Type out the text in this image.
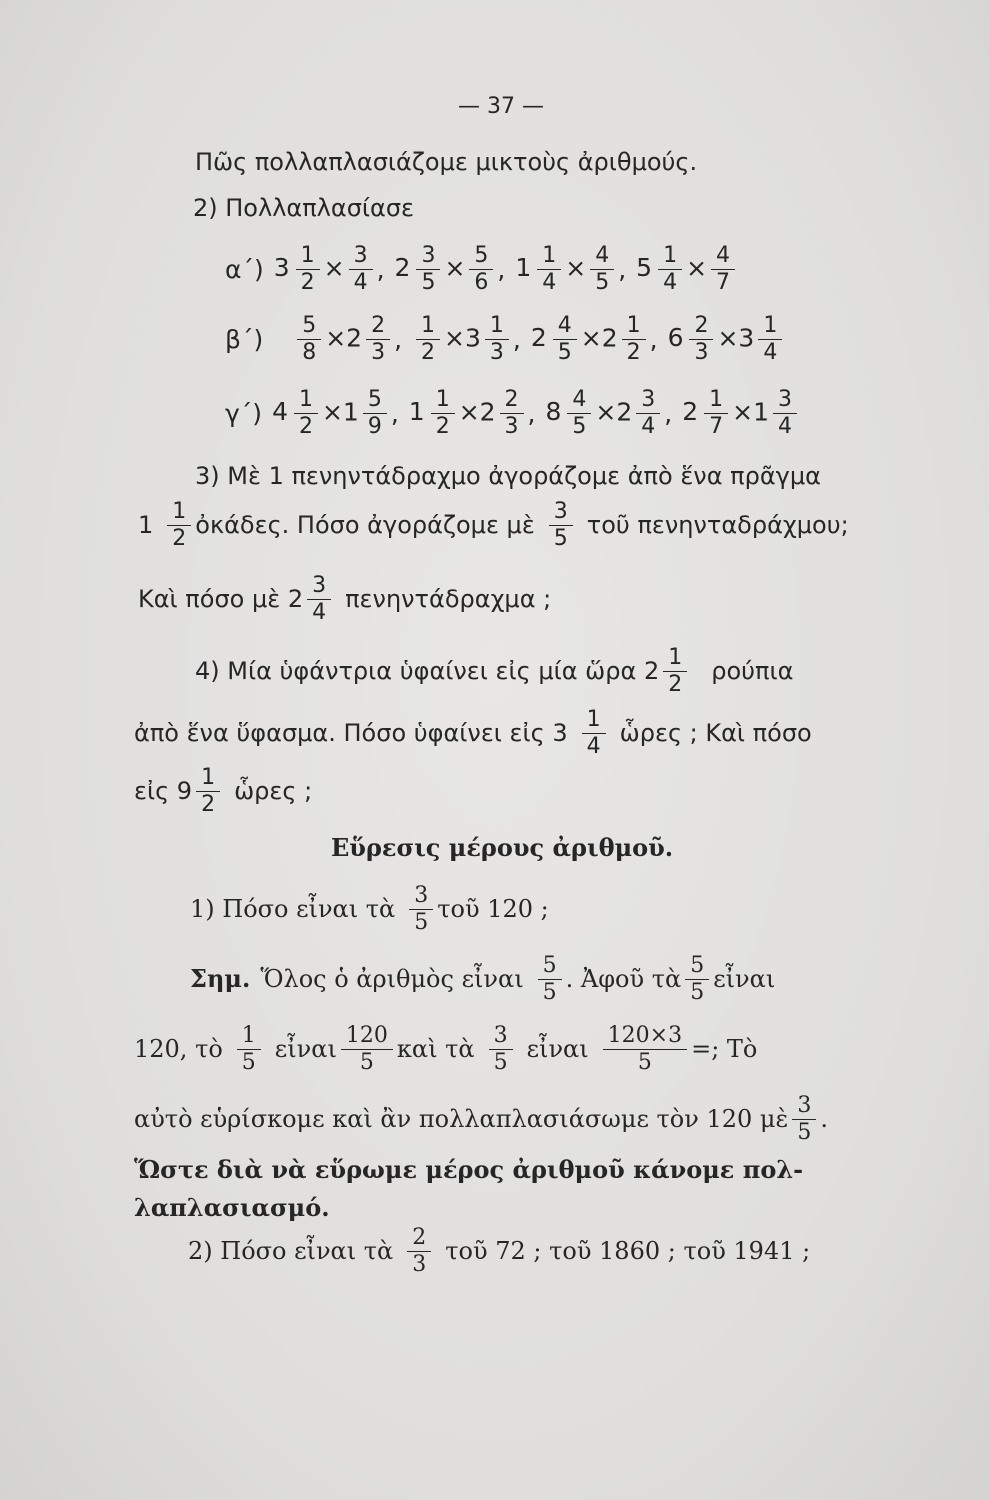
— 37 —
Πῶς πολλαπλασιάζομε μικτοὺς ἀριθμούς.
2) Πολλαπλασίασε
α΄) $3 \frac{1}{2} \times \frac{3}{4}$ , $2 \frac{3}{5} \times \frac{5}{6}$ , $1 \frac{1}{4} \times \frac{4}{5}$ , $5 \frac{1}{4} \times \frac{4}{7}$
$\beta΄) \frac{5}{8} \times 2 \frac{2}{3}$ , $\frac{1}{2} \times 3 \frac{1}{3}$ , $2 \frac{4}{5} \times 2 \frac{1}{2}$ , $6 \frac{2}{3} \times 3 \frac{1}{4}$
γ΄) $4 \frac{1}{2} \times 1 \frac{5}{9}$ , $1 \frac{1}{2} \times 2 \frac{2}{3}$ , $8 \frac{4}{5} \times 2 \frac{3}{4}$ , $2 \frac{1}{7} \times 1 \frac{3}{4}$
3) Μὲ 1 πενηντάδραχμο ἀγοράζομε ἀπὸ ἕνα πρᾶγμα
$1 \frac{1}{2}$ ὀκάδες. Πόσο ἀγοράζομε μὲ $\frac{3}{5}$ τοῦ πενηνταδράχμου;
Καὶ πόσο μὲ $2 \frac{3}{4}$ πενηντάδραχμα ;
4) Μία ὑφάντρια ὑφαίνει εἰς μία ὥρα $2 \frac{1}{2}$ ρούπια
ἀπὸ ἕνα ὕφασμα. Πόσο ὑφαίνει εἰς $3 \frac{1}{4}$ ὧρες ; Καὶ πόσο
εἰς $9 \frac{1}{2}$ ὧρες ;
Εὕρεσις μέρους ἀριθμοῦ.
1) Πόσο εἶναι τὰ $\frac{3}{5}$ τοῦ 120 ;
Σημ. Ὅλος ὁ ἀριθμὸς εἶναι $\frac{5}{5}$ . Ἀφοῦ τὰ $\frac{5}{5}$ εἶναι
120, τὸ $\frac{1}{5}$ εἶναι $\frac{120}{5}$ καὶ τὰ $\frac{3}{5}$ εἶναι $\frac{120\times 3}{5}$ =; Τὸ
αὐτὸ εὑρίσκομε καὶ ἂν πολλαπλασιάσωμε τὸν 120 μὲ $\frac{3}{5}$ .
Ὥστε διὰ νὰ εὕρωμε μέρος ἀριθμοῦ κάνομε πολ-
λαπλασιασμό.
2) Πόσο εἶναι τὰ $\frac{2}{3}$ τοῦ 72 ; τοῦ 1860 ; τοῦ 1941 ;
